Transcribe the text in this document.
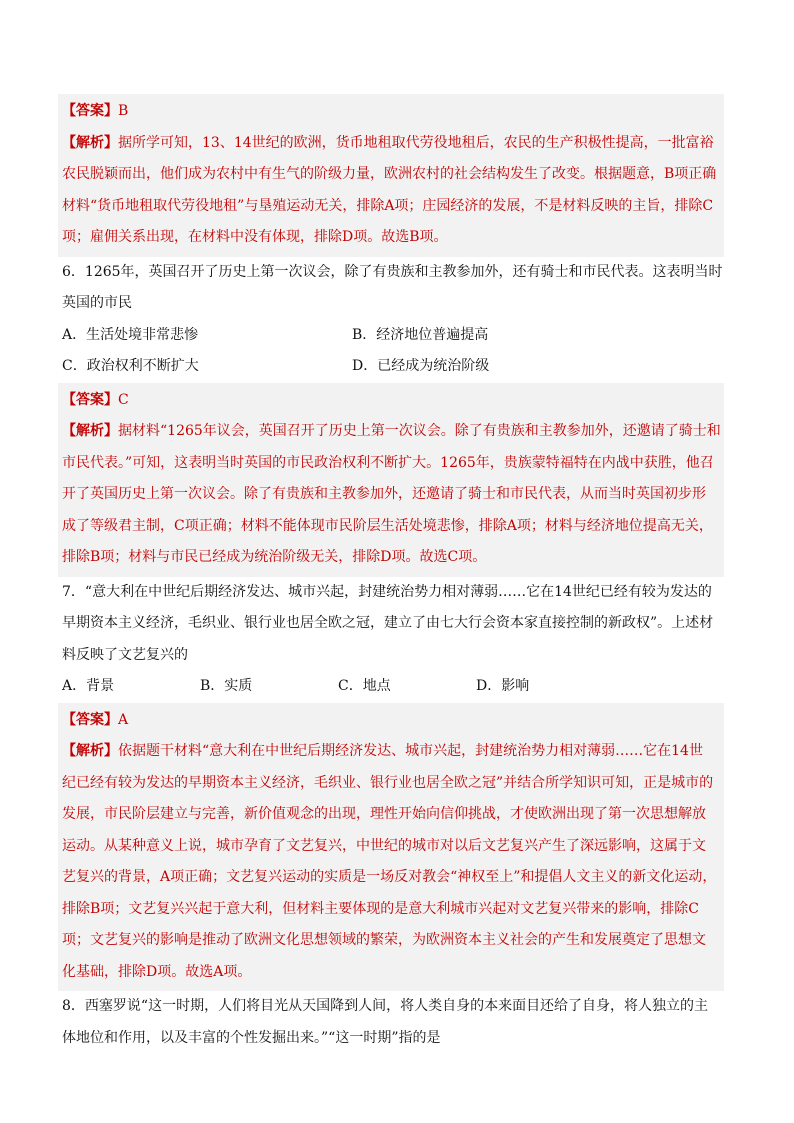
【答案】B
【解析】据所学可知，13、14世纪的欧洲，货币地租取代劳役地租后，农民的生产积极性提高，一批富裕
农民脱颖而出，他们成为农村中有生气的阶级力量，欧洲农村的社会结构发生了改变。根据题意，B项正确
材料“货币地租取代劳役地租”与垦殖运动无关，排除A项；庄园经济的发展，不是材料反映的主旨，排除C
项；雇佣关系出现，在材料中没有体现，排除D项。故选B项。
6．1265年，英国召开了历史上第一次议会，除了有贵族和主教参加外，还有骑士和市民代表。这表明当时
英国的市民
A．生活处境非常悲惨	B．经济地位普遍提高
C．政治权利不断扩大	D．已经成为统治阶级
【答案】C
【解析】据材料“1265年议会，英国召开了历史上第一次议会。除了有贵族和主教参加外，还邀请了骑士和
市民代表。”可知，这表明当时英国的市民政治权利不断扩大。1265年，贵族蒙特福特在内战中获胜，他召
开了英国历史上第一次议会。除了有贵族和主教参加外，还邀请了骑士和市民代表，从而当时英国初步形
成了等级君主制，C项正确；材料不能体现市民阶层生活处境悲惨，排除A项；材料与经济地位提高无关，
排除B项；材料与市民已经成为统治阶级无关，排除D项。故选C项。
7．“意大利在中世纪后期经济发达、城市兴起，封建统治势力相对薄弱……它在14世纪已经有较为发达的
早期资本主义经济，毛织业、银行业也居全欧之冠，建立了由七大行会资本家直接控制的新政权”。上述材
料反映了文艺复兴的
A．背景	B．实质	C．地点	D．影响
【答案】A
【解析】依据题干材料“意大利在中世纪后期经济发达、城市兴起，封建统治势力相对薄弱……它在14世
纪已经有较为发达的早期资本主义经济，毛织业、银行业也居全欧之冠”并结合所学知识可知，正是城市的
发展，市民阶层建立与完善，新价值观念的出现，理性开始向信仰挑战，才使欧洲出现了第一次思想解放
运动。从某种意义上说，城市孕育了文艺复兴，中世纪的城市对以后文艺复兴产生了深远影响，这属于文
艺复兴的背景，A项正确；文艺复兴运动的实质是一场反对教会“神权至上”和提倡人文主义的新文化运动，
排除B项；文艺复兴兴起于意大利，但材料主要体现的是意大利城市兴起对文艺复兴带来的影响，排除C
项；文艺复兴的影响是推动了欧洲文化思想领域的繁荣，为欧洲资本主义社会的产生和发展奠定了思想文
化基础，排除D项。故选A项。
8．西塞罗说“这一时期，人们将目光从天国降到人间，将人类自身的本来面目还给了自身，将人独立的主
体地位和作用，以及丰富的个性发掘出来。”“这一时期”指的是
